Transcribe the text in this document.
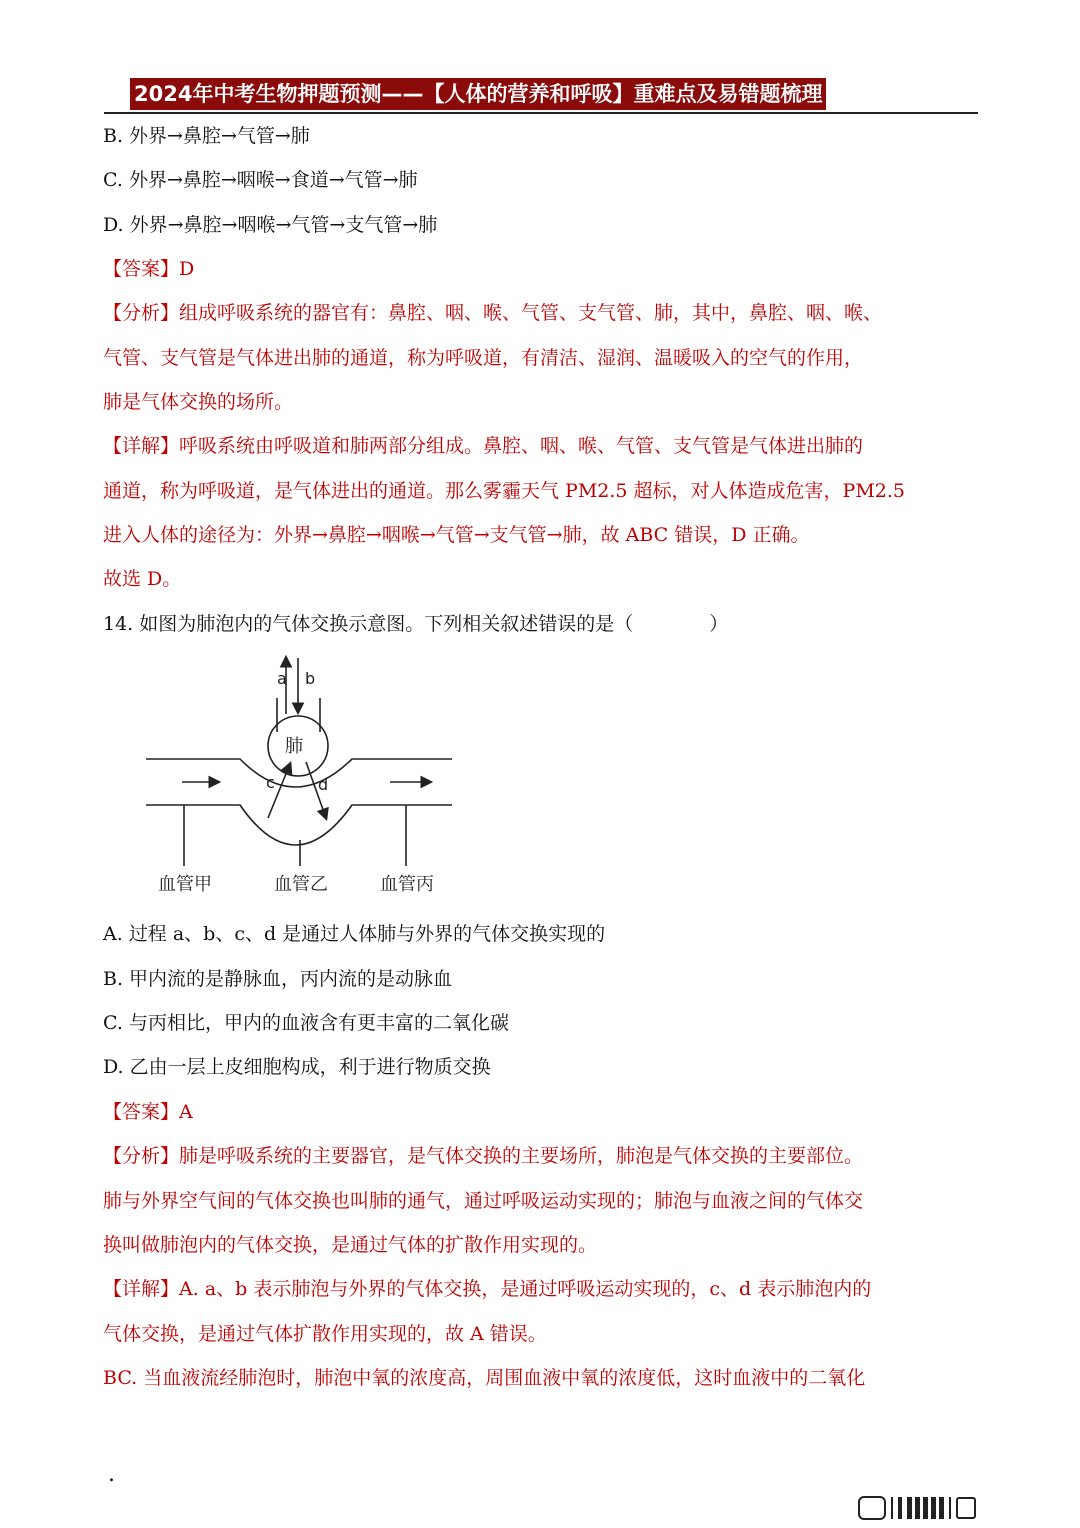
2024年中考生物押题预测——【人体的营养和呼吸】重难点及易错题梳理
B. 外界→鼻腔→气管→肺
C. 外界→鼻腔→咽喉→食道→气管→肺
D. 外界→鼻腔→咽喉→气管→支气管→肺
【答案】D
【分析】组成呼吸系统的器官有：鼻腔、咽、喉、气管、支气管、肺，其中，鼻腔、咽、喉、
气管、支气管是气体进出肺的通道，称为呼吸道，有清洁、湿润、温暖吸入的空气的作用，
肺是气体交换的场所。
【详解】呼吸系统由呼吸道和肺两部分组成。鼻腔、咽、喉、气管、支气管是气体进出肺的
通道，称为呼吸道，是气体进出的通道。那么雾霾天气 PM2.5 超标，对人体造成危害，PM2.5
进入人体的途径为：外界→鼻腔→咽喉→气管→支气管→肺，故 ABC 错误，D 正确。
故选 D。
14. 如图为肺泡内的气体交换示意图。下列相关叙述错误的是（　　　　）
a b
肺
c	d
血管甲	血管乙	血管丙
A. 过程 a、b、c、d 是通过人体肺与外界的气体交换实现的
B. 甲内流的是静脉血，丙内流的是动脉血
C. 与丙相比，甲内的血液含有更丰富的二氧化碳
D. 乙由一层上皮细胞构成，利于进行物质交换
【答案】A
【分析】肺是呼吸系统的主要器官，是气体交换的主要场所，肺泡是气体交换的主要部位。
肺与外界空气间的气体交换也叫肺的通气，通过呼吸运动实现的；肺泡与血液之间的气体交
换叫做肺泡内的气体交换，是通过气体的扩散作用实现的。
【详解】A. a、b 表示肺泡与外界的气体交换，是通过呼吸运动实现的，c、d 表示肺泡内的
气体交换，是通过气体扩散作用实现的，故 A 错误。
BC. 当血液流经肺泡时，肺泡中氧的浓度高，周围血液中氧的浓度低，这时血液中的二氧化
.
